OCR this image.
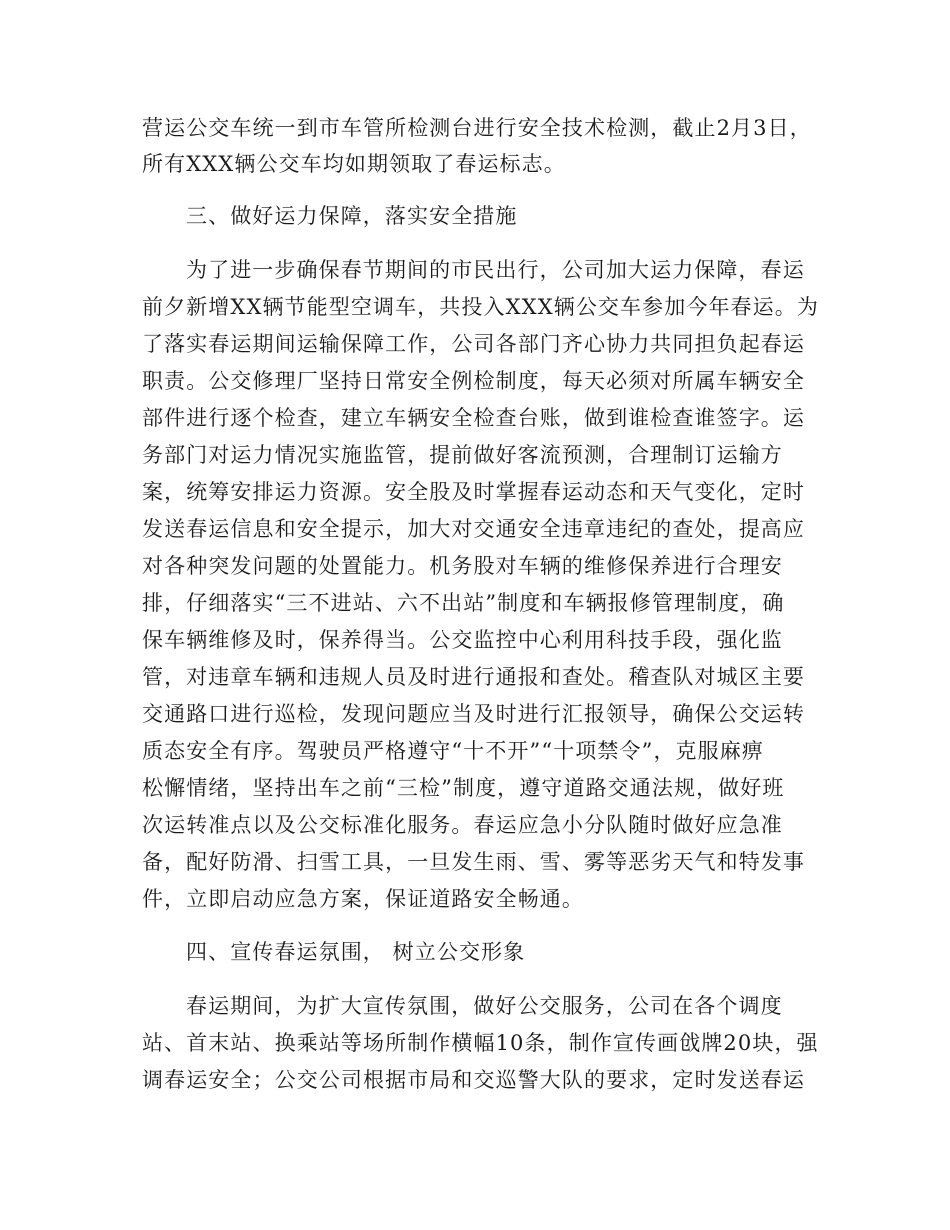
营运公交车统一到市车管所检测台进行安全技术检测，截止2月3日，
所有XXX辆公交车均如期领取了春运标志。
三、做好运力保障，落实安全措施
为了进一步确保春节期间的市民出行，公司加大运力保障，春运
前夕新增XX辆节能型空调车，共投入XXX辆公交车参加今年春运。为
了落实春运期间运输保障工作，公司各部门齐心协力共同担负起春运
职责。公交修理厂坚持日常安全例检制度，每天必须对所属车辆安全
部件进行逐个检查，建立车辆安全检查台账，做到谁检查谁签字。运
务部门对运力情况实施监管，提前做好客流预测，合理制订运输方
案，统筹安排运力资源。安全股及时掌握春运动态和天气变化，定时
发送春运信息和安全提示，加大对交通安全违章违纪的查处，提高应
对各种突发问题的处置能力。机务股对车辆的维修保养进行合理安
排，仔细落实“三不进站、六不出站”制度和车辆报修管理制度，确
保车辆维修及时，保养得当。公交监控中心利用科技手段，强化监
管，对违章车辆和违规人员及时进行通报和查处。稽查队对城区主要
交通路口进行巡检，发现问题应当及时进行汇报领导，确保公交运转
质态安全有序。驾驶员严格遵守“十不开”“十项禁令”，克服麻痹
松懈情绪，坚持出车之前“三检”制度，遵守道路交通法规，做好班
次运转准点以及公交标准化服务。春运应急小分队随时做好应急准
备，配好防滑、扫雪工具，一旦发生雨、雪、雾等恶劣天气和特发事
件，立即启动应急方案，保证道路安全畅通。
四、宣传春运氛围， 树立公交形象
春运期间，为扩大宣传氛围，做好公交服务，公司在各个调度
站、首末站、换乘站等场所制作横幅10条，制作宣传画戗牌20块，强
调春运安全；公交公司根据市局和交巡警大队的要求，定时发送春运
